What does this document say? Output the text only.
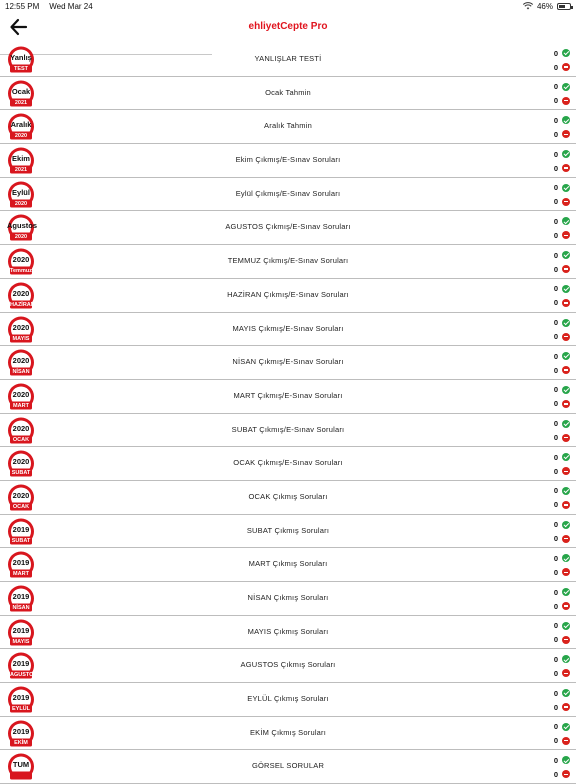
12:55 PM Wed Mar 24	46%
ehliyetCepte Pro
Yanlış
TEST
YANLIŞLAR TESTİ
0
0
Ocak
2021
Ocak Tahmin
0
0
Aralık
2020
Aralık Tahmin
0
0
Ekim
2021
Ekim Çıkmış/E-Sınav Soruları
0
0
Eylül
2020
Eylül Çıkmış/E-Sınav Soruları
0
0
Agustos
2020
AGUSTOS Çıkmış/E-Sınav Soruları
0
0
2020
Temmuz
TEMMUZ Çıkmış/E-Sınav Soruları
0
0
2020
HAZİRAN
HAZİRAN Çıkmış/E-Sınav Soruları
0
0
2020
MAYIS
MAYIS Çıkmış/E-Sınav Soruları
0
0
2020
NİSAN
NİSAN Çıkmış/E-Sınav Soruları
0
0
2020
MART
MART Çıkmış/E-Sınav Soruları
0
0
2020
OCAK
SUBAT Çıkmış/E-Sınav Soruları
0
0
2020
SUBAT
OCAK Çıkmış/E-Sınav Soruları
0
0
2020
OCAK
OCAK Çıkmış Soruları
0
0
2019
SUBAT
SUBAT Çıkmış Soruları
0
0
2019
MART
MART Çıkmış Soruları
0
0
2019
NİSAN
NİSAN Çıkmış Soruları
0
0
2019
MAYIS
MAYIS Çıkmış Soruları
0
0
2019
AGUSTOS
AGUSTOS Çıkmış Soruları
0
0
2019
EYLÜL
EYLÜL Çıkmış Soruları
0
0
2019
EKİM
EKİM Çıkmış Soruları
0
0
TUM	GÖRSEL SORULAR
0
0
